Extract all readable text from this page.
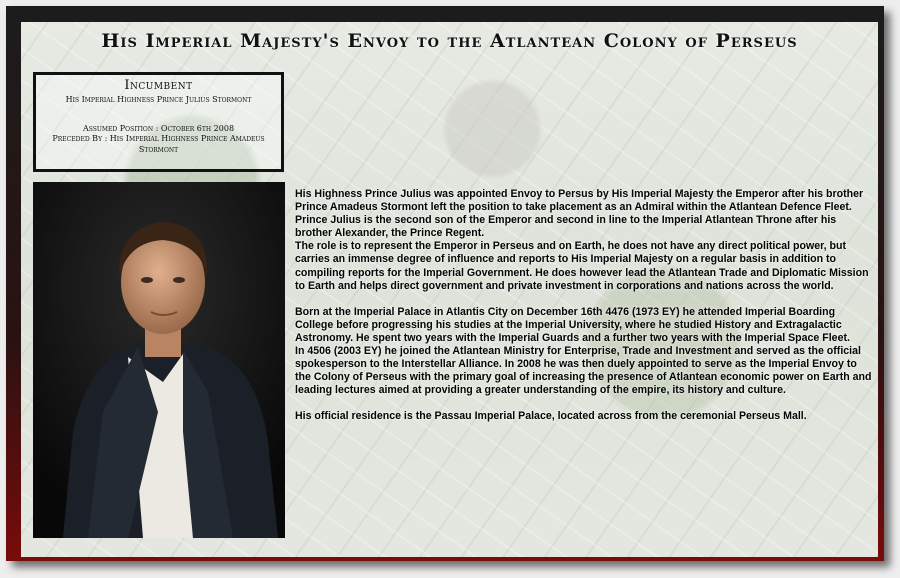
His Imperial Majesty's Envoy to the Atlantean Colony of Perseus
Incumbent
His Imperial Highness Prince Julius Stormont
Assumed Position : October 6th 2008
Preceded By : His Imperial Highness Prince Amadeus Stormont

His Highness Prince Julius was appointed Envoy to Persus by His Imperial Majesty the Emperor after his brother Prince Amadeus Stormont left the position to take placement as an Admiral within the Atlantean Defence Fleet. Prince Julius is the second son of the Emperor and second in line to the Imperial Atlantean Throne after his brother Alexander, the Prince Regent.
The role is to represent the Emperor in Perseus and on Earth, he does not have any direct political power, but carries an immense degree of influence and reports to His Imperial Majesty on a regular basis in addition to compiling reports for the Imperial Government. He does however lead the Atlantean Trade and Diplomatic Mission to Earth and helps direct government and private investment in corporations and nations across the world.

Born at the Imperial Palace in Atlantis City on December 16th 4476 (1973 EY) he attended Imperial Boarding College before progressing his studies at the Imperial University, where he studied History and Extragalactic Astronomy. He spent two years with the Imperial Guards and a further two years with the Imperial Space Fleet.
In 4506 (2003 EY) he joined the Atlantean Ministry for Enterprise, Trade and Investment and served as the official spokesperson to the Interstellar Alliance. In 2008 he was then duely appointed to serve as the Imperial Envoy to the Colony of Perseus with the primary goal of increasing the presence of Atlantean economic power on Earth and leading lectures aimed at providing a greater understanding of the empire, its history and culture.

His official residence is the Passau Imperial Palace, located across from the ceremonial Perseus Mall.
